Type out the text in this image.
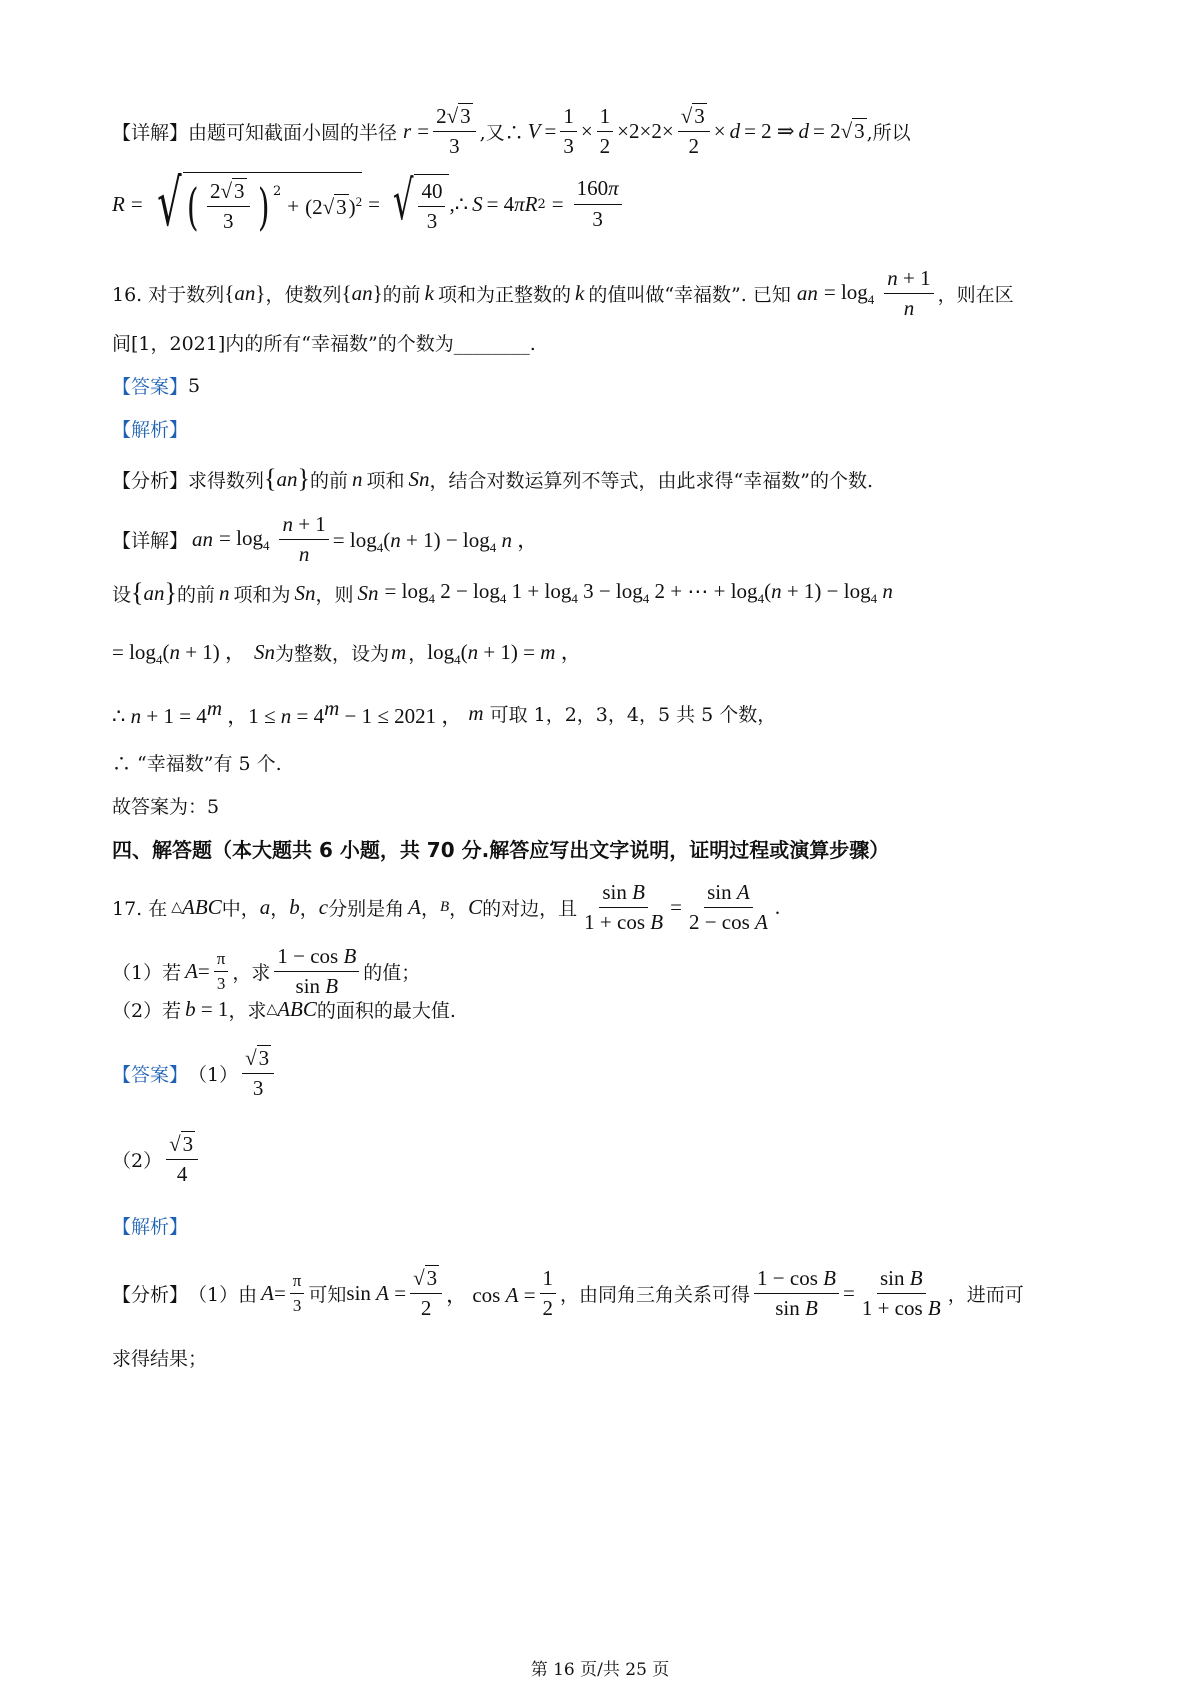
【详解】 由题可知截面小圆的半径 $r = \frac{2√3}{3}$ ,又∴ $V = \frac{1}{3} \times \frac{1}{2} \times 2\times 2\times \frac{√3}{2} \times d = 2$ ⇒ d = 2√3 ,所以
R = √ ( $\frac{2√3}{3}$ ) $^2$
+ $(2√3)^2$ = √ $\frac{40}{3}$ ,∴ S = 4 πR $2 = \frac{160\pi}{3}$
16. 对于数列 { a n } ，使数列 { a n } 的前 k 项和为正整数的 k 的值叫做“幸福数”. 已知 a $n = \log_4 \frac{n + 1}{n}$ ，则在区
间[1，2021]内的所有“幸福数”的个数为________.
【答案】 5
【解析】
【分析】 求得数列 { a n } 的前 n 项和 S n ，结合对数运算列不等式，由此求得“幸福数”的个数.
【详解】 a $n = \log_4 \frac{n + 1}{n} = \log_4(n + 1) - \log_4 n$ ，
设 { a n } 的前 n 项和为 S n ，则 S $n = \log_4 2 - \log_4 1 + \log_4 3 - \log_4 2$ + ⋯ + $\log_4(n + 1) - \log_4 n$
= $\log_4(n + 1)$ ， S n 为整数，设为 m ， $\log_4(n + 1) = m$ ，
∴ $n + 1 = 4^m$ ，$1 \le n = 4^m - 1 \le 2021$ ， m 可取 1，2，3，4，5 共 5 个数，
∴ “幸福数”有 5 个.
故答案为：5
四、解答题（本大题共 6 小题，共 70 分.解答应写出文字说明，证明过程或演算步骤）
17. 在 △ ABC 中， a ， b ， c 分别是角 A ， B ， C 的对边，且 $\frac{\text{sin B}}{\text{1 + cos B}} = \frac{\text{sin A}}{\text{2 − cos A}}$ .
（1）若 $A = \frac{\pi}{3}$ ，求 $\frac{\text{1 − cos B}}{\text{sin B}}$ 的值；
（2）若 b = 1 ，求 △ ABC 的面积的最大值.
【答案】 $(1) \frac{√3}{3}$
$(2) \frac{√3}{4}$
【解析】
【分析】 （1）由 $A = \frac{\pi}{3}$ 可知 $\sin A = \frac{√3}{2}$ ， $\cos A = \frac{1}{2}$ ，由同角三角关系可得 $\frac{\text{1 − cos B}}{\text{sin B}} = \frac{\text{sin B}}{\text{1 + cos B}}$ ，进而可
求得结果；
第 16 页/共 25 页
